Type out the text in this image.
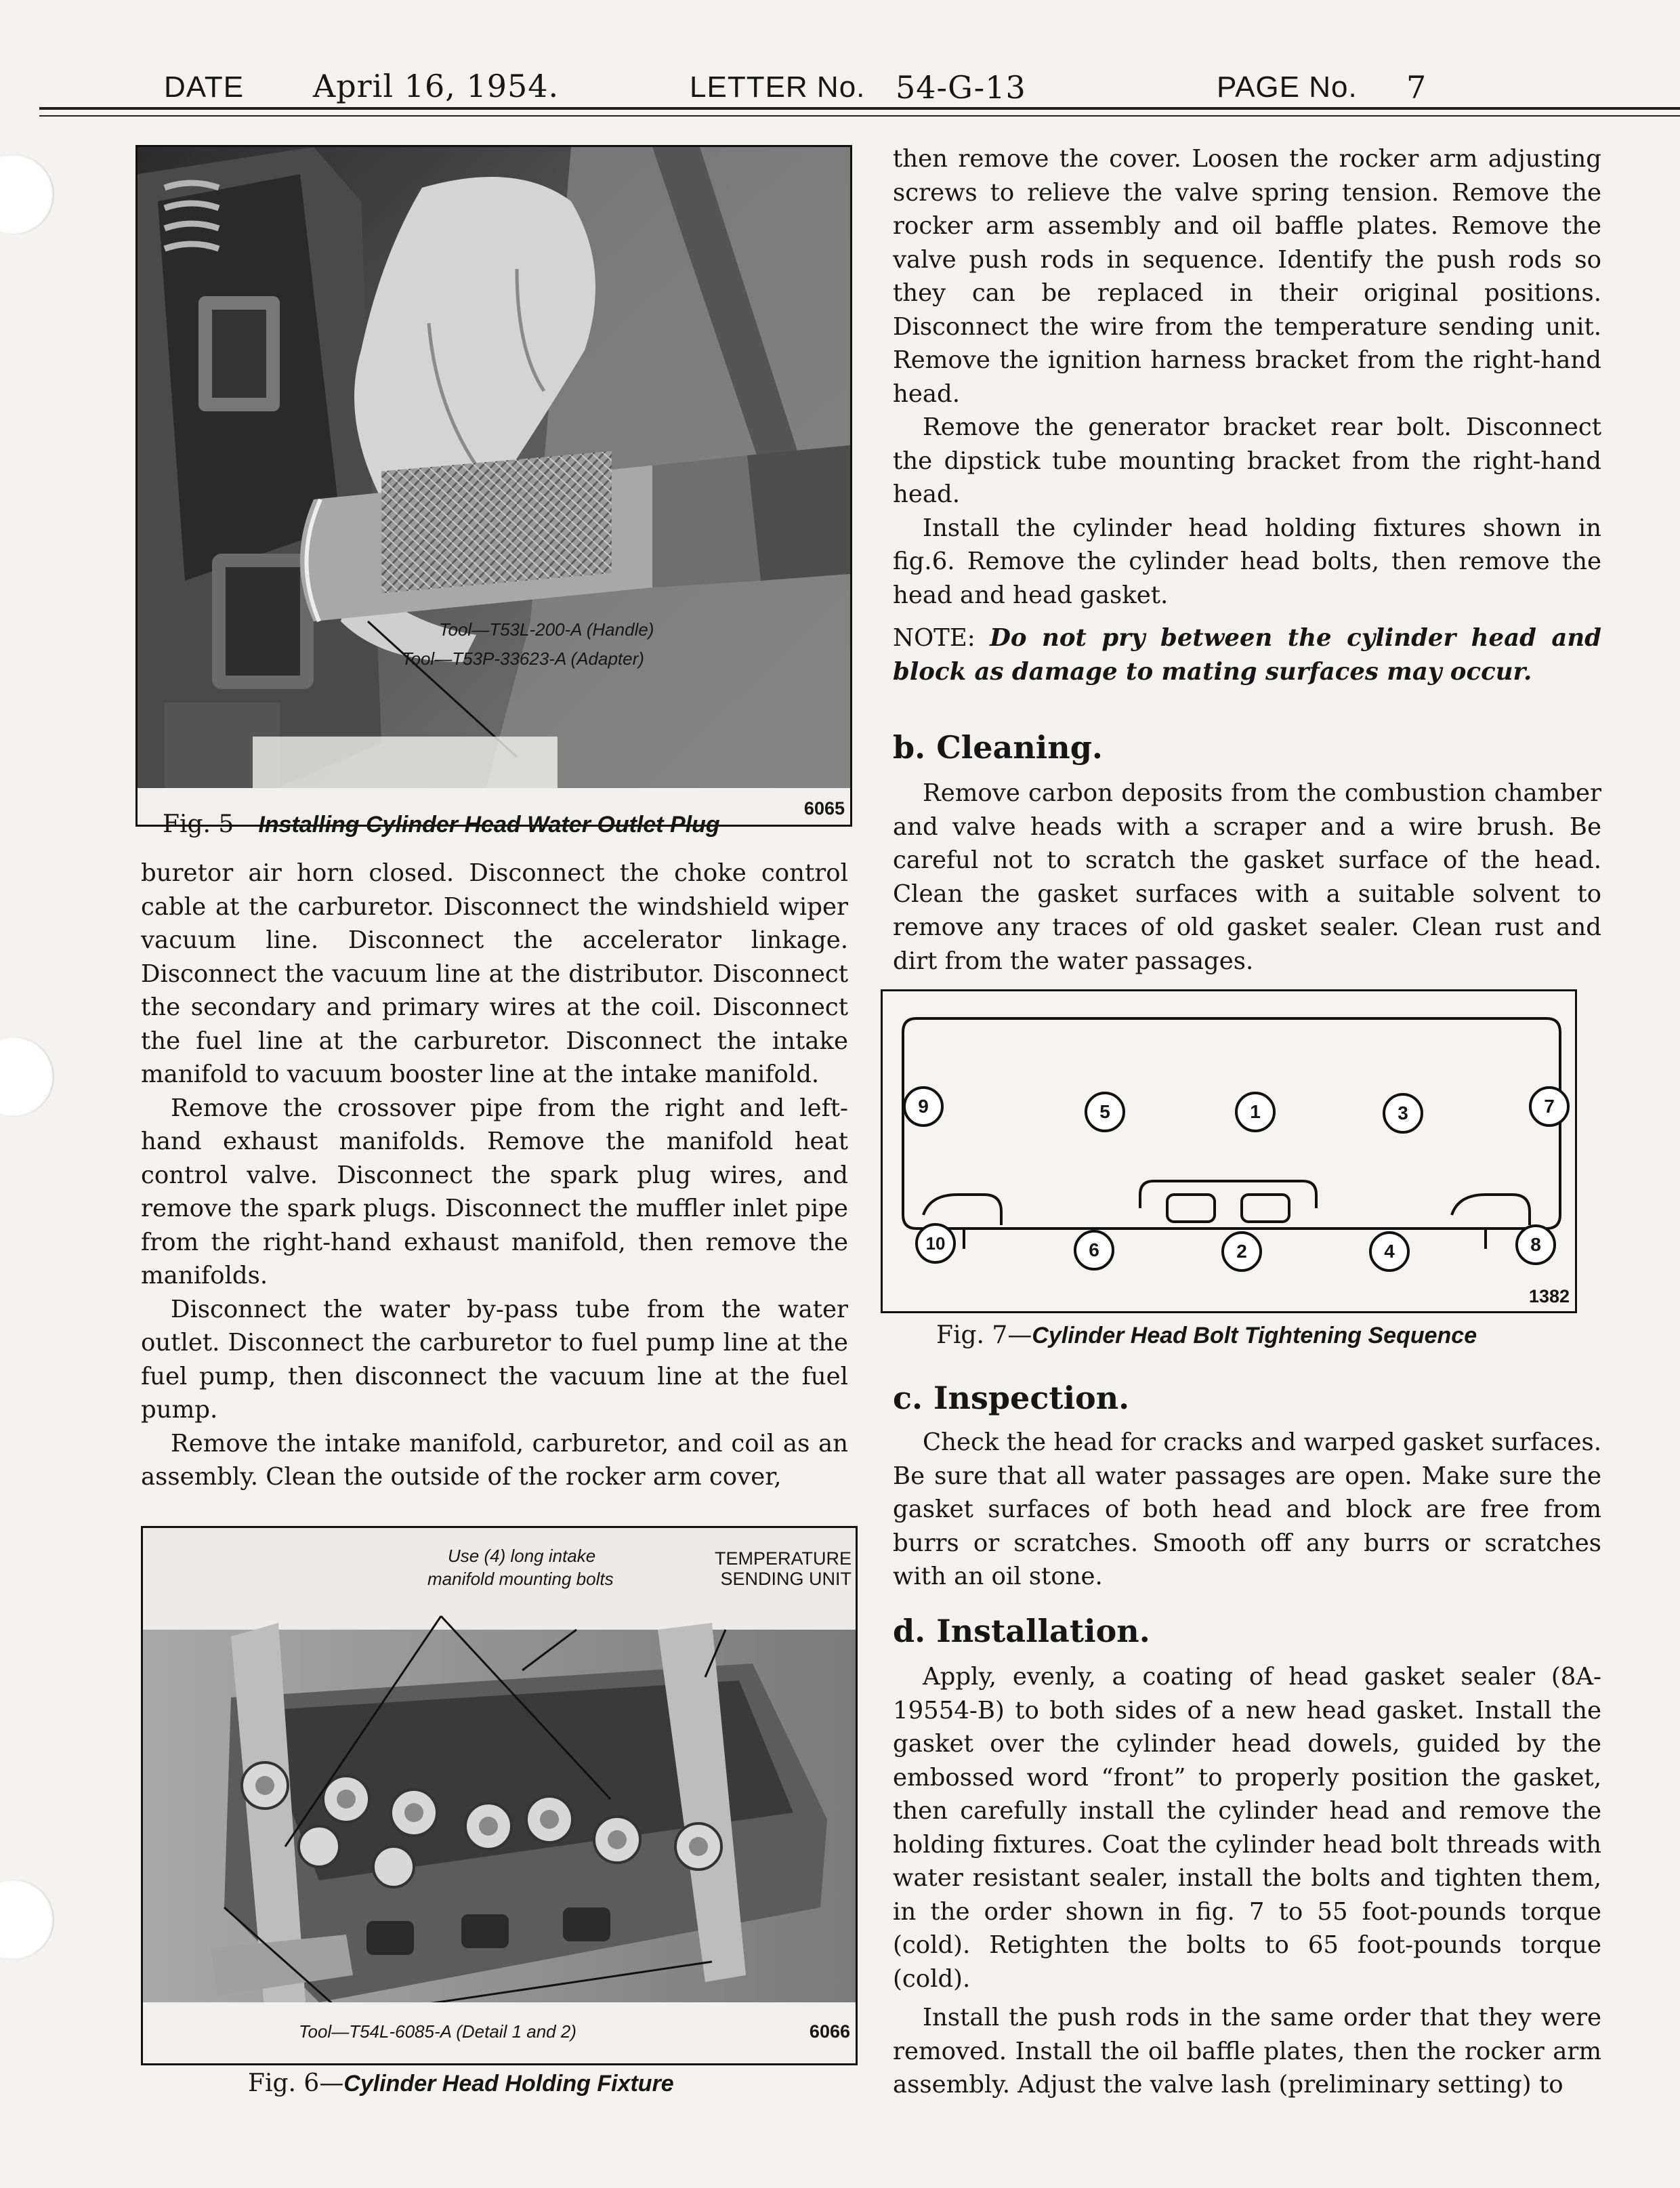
DATE April 16, 1954.	LETTER No. 54-G-13	PAGE No. 7
Tool—T53L-200-A (Handle)
Tool—T53P-33623-A (Adapter)
6065
Fig. 5—Installing Cylinder Head Water Outlet Plug

buretor air horn closed. Disconnect the choke control cable at the carburetor. Disconnect the windshield wiper vacuum line. Disconnect the accelerator linkage. Disconnect the vacuum line at the distributor. Disconnect the secondary and primary wires at the coil. Disconnect the fuel line at the carburetor. Disconnect the intake manifold to vacuum booster line at the intake manifold.

Remove the crossover pipe from the right and left-hand exhaust manifolds. Remove the manifold heat control valve. Disconnect the spark plug wires, and remove the spark plugs. Disconnect the muffler inlet pipe from the right-hand exhaust manifold, then remove the manifolds.

Disconnect the water by-pass tube from the water outlet. Disconnect the carburetor to fuel pump line at the fuel pump, then disconnect the vacuum line at the fuel pump.

Remove the intake manifold, carburetor, and coil as an assembly. Clean the outside of the rocker arm cover,

Use (4) long intake
manifold mounting bolts
TEMPERATURE
SENDING UNIT
Tool—T54L-6085-A (Detail 1 and 2)	6066
Fig. 6—Cylinder Head Holding Fixture

then remove the cover. Loosen the rocker arm adjusting screws to relieve the valve spring tension. Remove the rocker arm assembly and oil baffle plates. Remove the valve push rods in sequence. Identify the push rods so they can be replaced in their original positions. Disconnect the wire from the temperature sending unit. Remove the ignition harness bracket from the right-hand head.

Remove the generator bracket rear bolt. Disconnect the dipstick tube mounting bracket from the right-hand head.

Install the cylinder head holding fixtures shown in fig.6. Remove the cylinder head bolts, then remove the head and head gasket.

NOTE: Do not pry between the cylinder head and block as damage to mating surfaces may occur.

b. Cleaning.

Remove carbon deposits from the combustion chamber and valve heads with a scraper and a wire brush. Be careful not to scratch the gasket surface of the head. Clean the gasket surfaces with a suitable solvent to remove any traces of old gasket sealer. Clean rust and dirt from the water passages.

9	5	1	3	7
10	6	2	4	8
1382
Fig. 7—Cylinder Head Bolt Tightening Sequence
c. Inspection.

Check the head for cracks and warped gasket surfaces. Be sure that all water passages are open. Make sure the gasket surfaces of both head and block are free from burrs or scratches. Smooth off any burrs or scratches with an oil stone.

d. Installation.

Apply, evenly, a coating of head gasket sealer (8A-19554-B) to both sides of a new head gasket. Install the gasket over the cylinder head dowels, guided by the embossed word “front” to properly position the gasket, then carefully install the cylinder head and remove the holding fixtures. Coat the cylinder head bolt threads with water resistant sealer, install the bolts and tighten them, in the order shown in fig. 7 to 55 foot-pounds torque (cold). Retighten the bolts to 65 foot-pounds torque (cold).

Install the push rods in the same order that they were removed. Install the oil baffle plates, then the rocker arm assembly. Adjust the valve lash (preliminary setting) to
